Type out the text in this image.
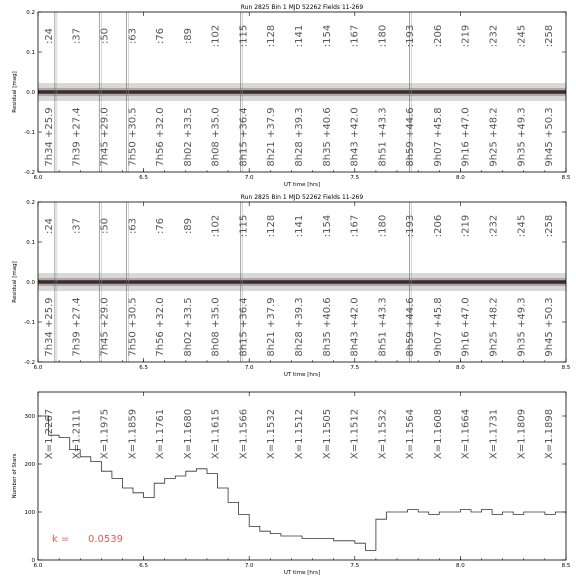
Run 2825 Bin 1 MJD 52262 Fields 11-269
6.0	6.5	7.0	7.5	8.0	8.5
UT time [hrs]
0.2
0.1
0.0
-0.1
-0.2
Residual [mag]
:24 :37 :50 :63 :76 :89 :102 :115 :128 :141 :154 :167 :180 :193 :206 :219 :232 :245 :258
7h34 +25.9 7h39 +27.4 7h45 +29.0 7h50 +30.5 7h56 +32.0 8h02 +33.5 8h08 +35.0 8h15 +36.4 8h21 +37.9 8h28 +39.3 8h35 +40.6 8h43 +42.0 8h51 +43.3 8h59 +44.6 9h07 +45.8 9h16 +47.0 9h25 +48.2 9h35 +49.3 9h45 +50.3
Run 2825 Bin 1 MJD 52262 Fields 11-269
6.0	6.5	7.0	7.5	8.0	8.5
UT time [hrs]
0.2
0.1
0.0
-0.1
-0.2
Residual [mag]
:24 :37 :50 :63 :76 :89 :102 :115 :128 :141 :154 :167 :180 :193 :206 :219 :232 :245 :258
7h34 +25.9 7h39 +27.4 7h45 +29.0 7h50 +30.5 7h56 +32.0 8h02 +33.5 8h08 +35.0 8h15 +36.4 8h21 +37.9 8h28 +39.3 8h35 +40.6 8h43 +42.0 8h51 +43.3 8h59 +44.6 9h07 +45.8 9h16 +47.0 9h25 +48.2 9h35 +49.3 9h45 +50.3
6.0	6.5	7.0	7.5	8.0	8.5
UT time [hrs]
300
200
100
0
Number of Stars
X=1.2267 X=1.2111 X=1.1975 X=1.1859 X=1.1761 X=1.1680 X=1.1615 X=1.1566 X=1.1532 X=1.1512 X=1.1505 X=1.1512 X=1.1532 X=1.1564 X=1.1608 X=1.1664 X=1.1731 X=1.1809 X=1.1898
k = 0.0539
